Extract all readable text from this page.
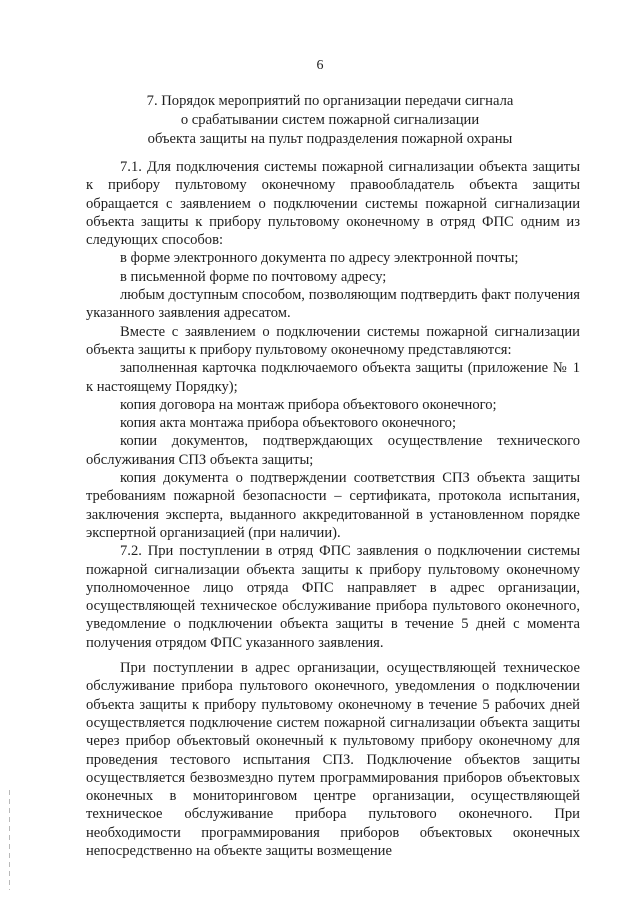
6
7. Порядок мероприятий по организации передачи сигнала
о срабатывании систем пожарной сигнализации
объекта защиты на пульт подразделения пожарной охраны

7.1. Для подключения системы пожарной сигнализации объекта защиты к прибору пультовому оконечному правообладатель объекта защиты обращается с заявлением о подключении системы пожарной сигнализации объекта защиты к прибору пультовому оконечному в отряд ФПС одним из следующих способов:

в форме электронного документа по адресу электронной почты;

в письменной форме по почтовому адресу;

любым доступным способом, позволяющим подтвердить факт получения указанного заявления адресатом.

Вместе с заявлением о подключении системы пожарной сигнализации объекта защиты к прибору пультовому оконечному представляются:

заполненная карточка подключаемого объекта защиты (приложение № 1 к настоящему Порядку);

копия договора на монтаж прибора объектового оконечного;

копия акта монтажа прибора объектового оконечного;

копии документов, подтверждающих осуществление технического обслуживания СПЗ объекта защиты;

копия документа о подтверждении соответствия СПЗ объекта защиты требованиям пожарной безопасности – сертификата, протокола испытания, заключения эксперта, выданного аккредитованной в установленном порядке экспертной организацией (при наличии).

7.2. При поступлении в отряд ФПС заявления о подключении системы пожарной сигнализации объекта защиты к прибору пультовому оконечному уполномоченное лицо отряда ФПС направляет в адрес организации, осуществляющей техническое обслуживание прибора пультового оконечного, уведомление о подключении объекта защиты в течение 5 дней с момента получения отрядом ФПС указанного заявления.

При поступлении в адрес организации, осуществляющей техническое обслуживание прибора пультового оконечного, уведомления о подключении объекта защиты к прибору пультовому оконечному в течение 5 рабочих дней осуществляется подключение систем пожарной сигнализации объекта защиты через прибор объектовый оконечный к пультовому прибору оконечному для проведения тестового испытания СПЗ. Подключение объектов защиты осуществляется безвозмездно путем программирования приборов объектовых оконечных в мониторинговом центре организации, осуществляющей техническое обслуживание прибора пультового оконечного. При необходимости программирования приборов объектовых оконечных непосредственно на объекте защиты возмещение
